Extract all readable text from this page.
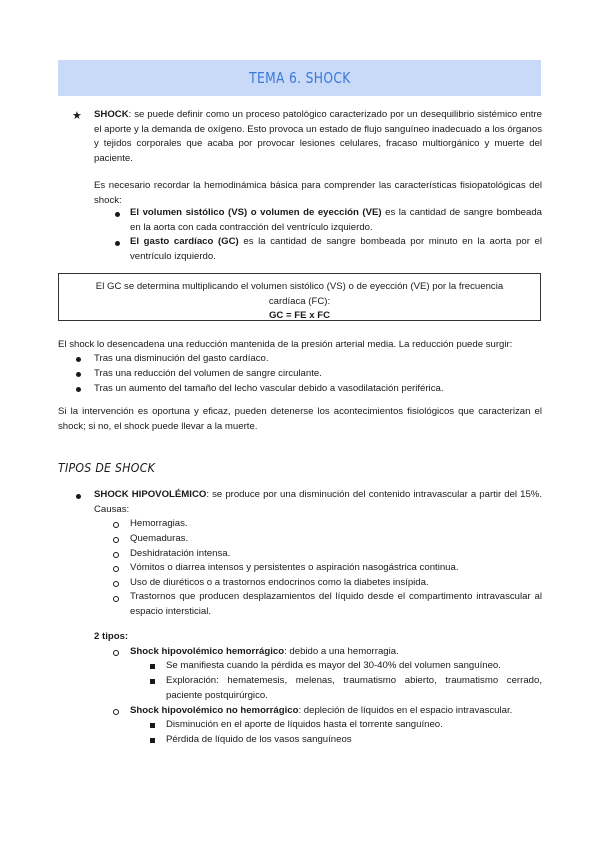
TEMA 6. SHOCK
★ SHOCK: se puede definir como un proceso patológico caracterizado por un desequilibrio sistémico entre el aporte y la demanda de oxígeno. Esto provoca un estado de flujo sanguíneo inadecuado a los órganos y tejidos corporales que acaba por provocar lesiones celulares, fracaso multiorgánico y muerte del paciente.

Es necesario recordar la hemodinámica básica para comprender las características fisiopatológicas del shock:

El volumen sistólico (VS) o volumen de eyección (VE) es la cantidad de sangre bombeada en la aorta con cada contracción del ventrículo izquierdo.

El gasto cardíaco (GC) es la cantidad de sangre bombeada por minuto en la aorta por el ventrículo izquierdo.

El GC se determina multiplicando el volumen sistólico (VS) o de eyección (VE) por la frecuencia cardíaca (FC):

GC = FE x FC

El shock lo desencadena una reducción mantenida de la presión arterial media. La reducción puede surgir:
Tras una disminución del gasto cardíaco.
Tras una reducción del volumen de sangre circulante.
Tras un aumento del tamaño del lecho vascular debido a vasodilatación periférica.

Si la intervención es oportuna y eficaz, pueden detenerse los acontecimientos fisiológicos que caracterizan el shock; si no, el shock puede llevar a la muerte.

TIPOS DE SHOCK

SHOCK HIPOVOLÉMICO: se produce por una disminución del contenido intravascular a partir del 15%. Causas:

Hemorragias.
Quemaduras.
Deshidratación intensa.
Vómitos o diarrea intensos y persistentes o aspiración nasogástrica continua.
Uso de diuréticos o a trastornos endocrinos como la diabetes insípida.

Trastornos que producen desplazamientos del líquido desde el compartimento intravascular al espacio intersticial.

2 tipos:
Shock hipovolémico hemorrágico: debido a una hemorragia.
Se manifiesta cuando la pérdida es mayor del 30-40% del volumen sanguíneo.

Exploración: hematemesis, melenas, traumatismo abierto, traumatismo cerrado, paciente postquirúrgico.

Shock hipovolémico no hemorrágico: depleción de líquidos en el espacio intravascular.
Disminución en el aporte de líquidos hasta el torrente sanguíneo.
Pérdida de líquido de los vasos sanguíneos
